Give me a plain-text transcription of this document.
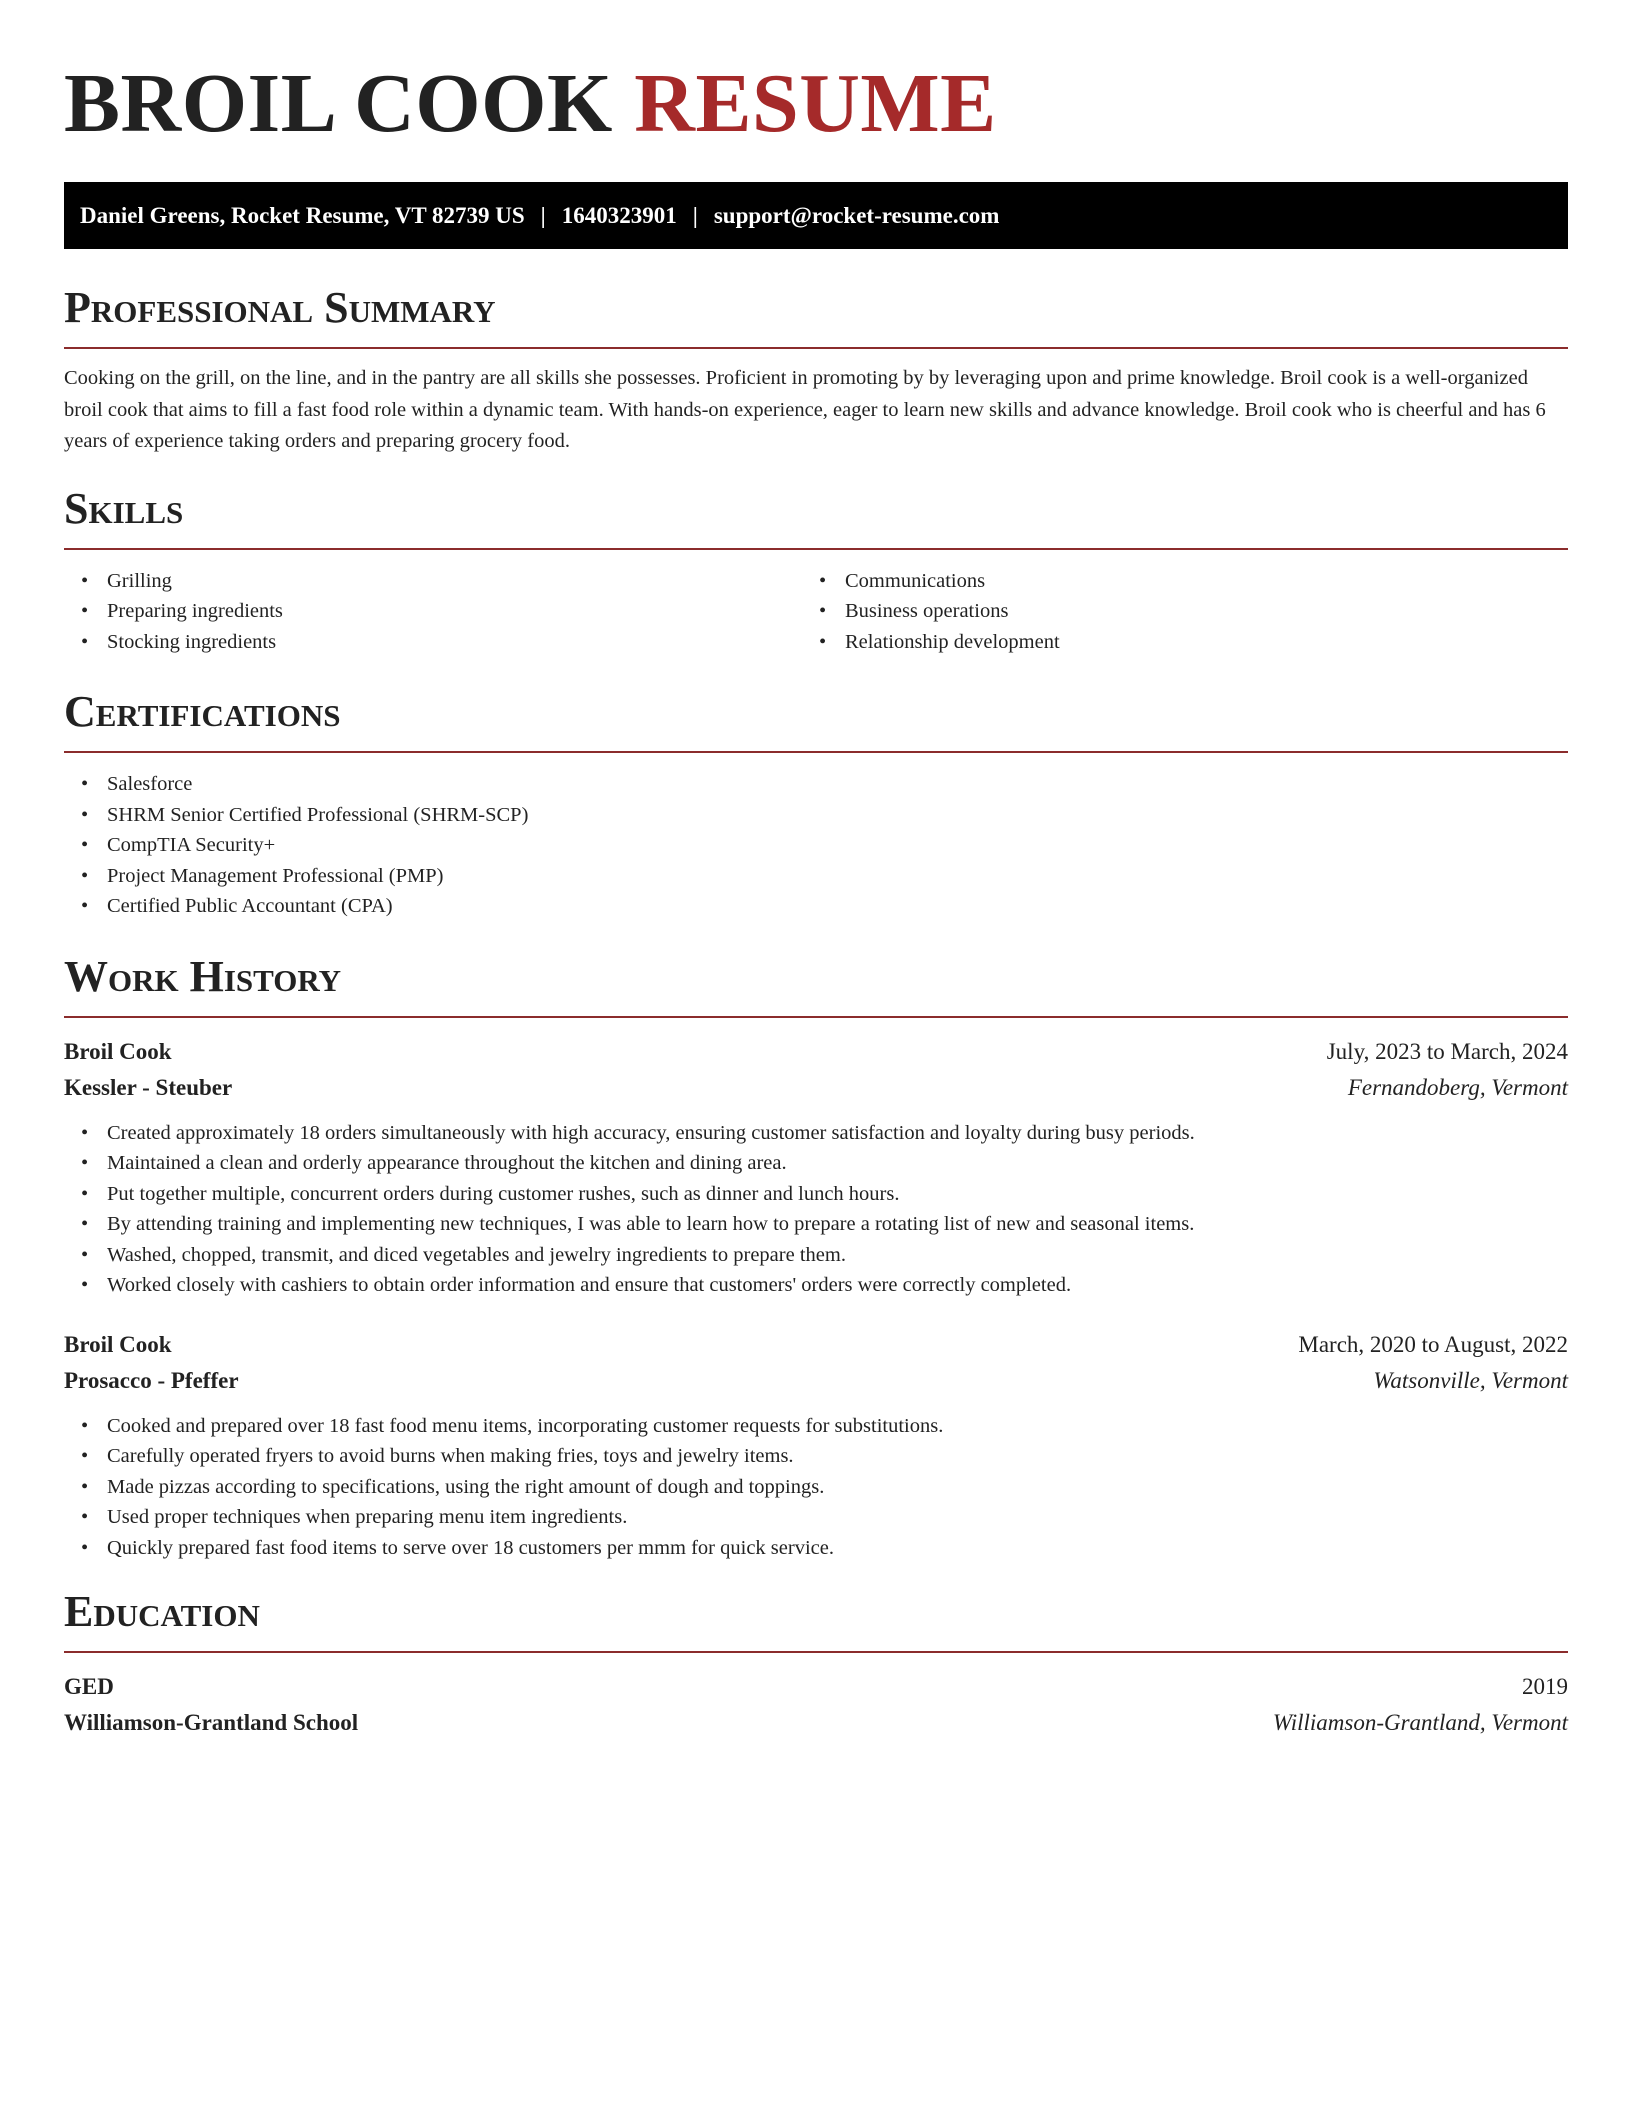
BROIL COOK RESUME
Daniel Greens, Rocket Resume, VT 82739 US | 1640323901 | support@rocket-resume.com
Professional Summary

Cooking on the grill, on the line, and in the pantry are all skills she possesses. Proficient in promoting by by leveraging upon and prime knowledge. Broil cook is a well-organized broil cook that aims to fill a fast food role within a dynamic team. With hands-on experience, eager to learn new skills and advance knowledge. Broil cook who is cheerful and has 6 years of experience taking orders and preparing grocery food.

Skills
• Grilling
• Preparing ingredients
• Stocking ingredients
• Communications
• Business operations
• Relationship development
Certifications
• Salesforce
• SHRM Senior Certified Professional (SHRM-SCP)
• CompTIA Security+
• Project Management Professional (PMP)
• Certified Public Accountant (CPA)
Work History
Broil Cook	July, 2023 to March, 2024
Kessler - Steuber	Fernandoberg, Vermont
• Created approximately 18 orders simultaneously with high accuracy, ensuring customer satisfaction and loyalty during busy periods.
• Maintained a clean and orderly appearance throughout the kitchen and dining area.
• Put together multiple, concurrent orders during customer rushes, such as dinner and lunch hours.
• By attending training and implementing new techniques, I was able to learn how to prepare a rotating list of new and seasonal items.
• Washed, chopped, transmit, and diced vegetables and jewelry ingredients to prepare them.
• Worked closely with cashiers to obtain order information and ensure that customers' orders were correctly completed.
Broil Cook	March, 2020 to August, 2022
Prosacco - Pfeffer	Watsonville, Vermont
• Cooked and prepared over 18 fast food menu items, incorporating customer requests for substitutions.
• Carefully operated fryers to avoid burns when making fries, toys and jewelry items.
• Made pizzas according to specifications, using the right amount of dough and toppings.
• Used proper techniques when preparing menu item ingredients.
• Quickly prepared fast food items to serve over 18 customers per mmm for quick service.
Education
GED	2019
Williamson-Grantland School	Williamson-Grantland, Vermont
